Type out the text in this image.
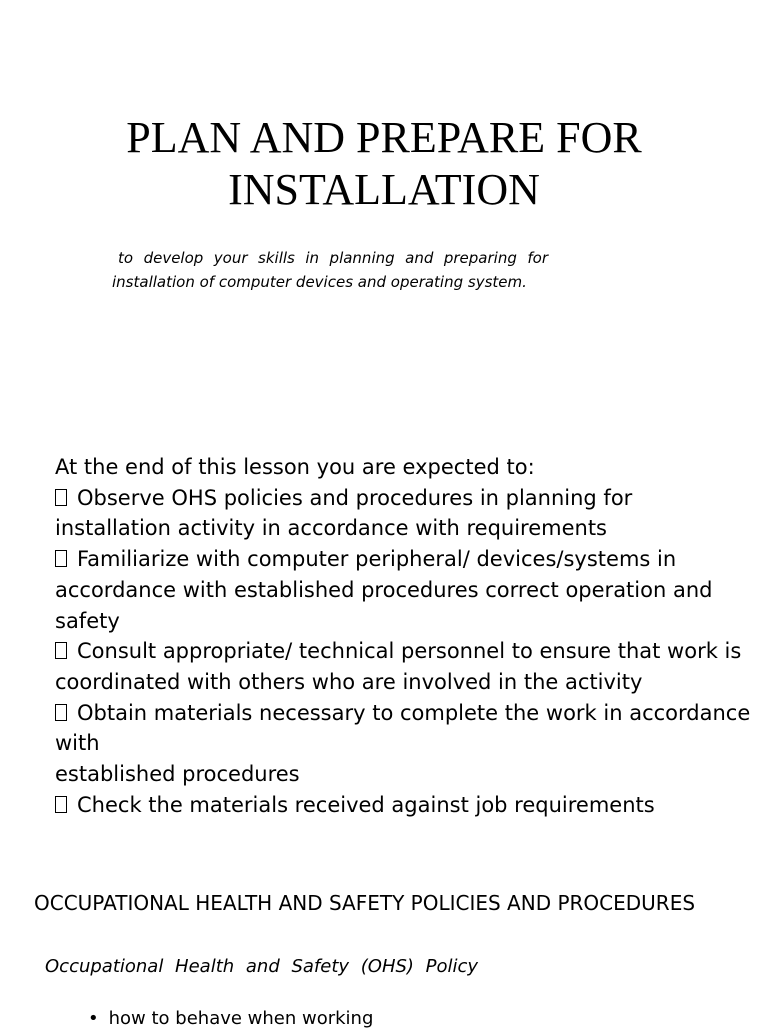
PLAN AND PREPARE FOR
INSTALLATION
to develop your skills in planning and preparing for
installation of computer devices and operating system.
At the end of this lesson you are expected to:
Observe OHS policies and procedures in planning for
installation activity in accordance with requirements
Familiarize with computer peripheral/ devices/systems in
accordance with established procedures correct operation and
safety
Consult appropriate/ technical personnel to ensure that work is
coordinated with others who are involved in the activity
Obtain materials necessary to complete the work in accordance
with
established procedures
Check the materials received against job requirements
OCCUPATIONAL HEALTH AND SAFETY POLICIES AND PROCEDURES
Occupational Health and Safety (OHS) Policy
• how to behave when working
